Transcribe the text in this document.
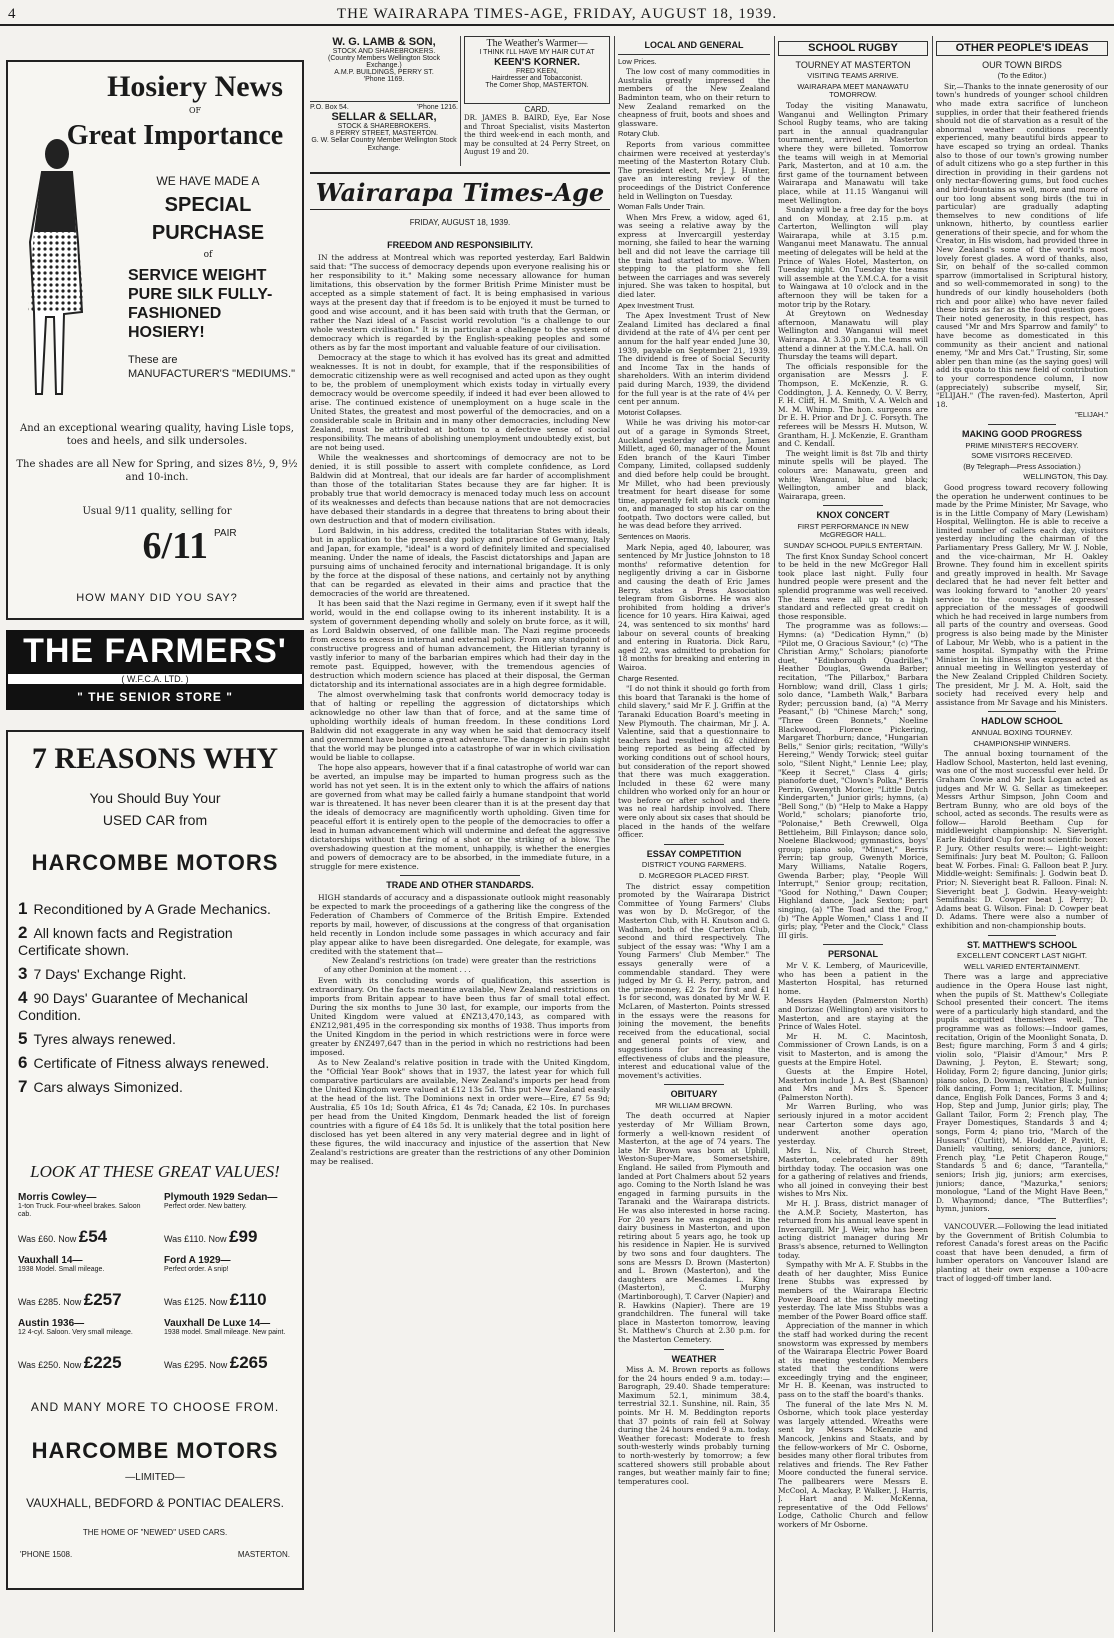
4	THE WAIRARAPA TIMES-AGE, FRIDAY, AUGUST 18, 1939.
Hosiery News
OF
Great Importance
WE HAVE MADE A
SPECIAL
PURCHASE
of
SERVICE WEIGHT PURE SILK FULLY-FASHIONED HOSIERY!
These are
MANUFACTURER'S "MEDIUMS."
And an exceptional wearing quality, having Lisle tops, toes and heels, and silk undersoles.
The shades are all New for Spring, and sizes 8½, 9, 9½ and 10-inch.
Usual 9/11 quality, selling for
6/11 PAIR
HOW MANY DID YOU SAY?
THE FARMERS'
( W.F.C.A. LTD. )
" THE SENIOR STORE "
7 REASONS WHY
You Should Buy Your
USED CAR from
HARCOMBE MOTORS
1 Reconditioned by A Grade Mechanics.
2 All known facts and Registration Certificate shown.
3 7 Days' Exchange Right.
4 90 Days' Guarantee of Mechanical Condition.
5 Tyres always renewed.
6 Certificate of Fitness always renewed.
7 Cars always Simonized.
LOOK AT THESE GREAT VALUES!
Morris Cowley—
1-ton Truck. Four-wheel brakes. Saloon cab.
Was £60. Now £54
Plymouth 1929 Sedan—
Perfect order. New battery.
Was £110. Now £99
Vauxhall 14—
1938 Model. Small mileage.
Was £285. Now £257
Ford A 1929—
Perfect order. A snip!
Was £125. Now £110
Austin 1936—
12 4-cyl. Saloon. Very small mileage.
Was £250. Now £225
Vauxhall De Luxe 14—
1938 model. Small mileage. New paint.
Was £295. Now £265
AND MANY MORE TO CHOOSE FROM.
HARCOMBE MOTORS
—LIMITED—
VAUXHALL, BEDFORD & PONTIAC DEALERS.
THE HOME OF "NEWED" USED CARS.
'PHONE 1508.	MASTERTON.
W. G. LAMB & SON,
STOCK AND SHAREBROKERS.
(Country Members Wellington Stock Exchange.)
A.M.P. BUILDINGS, PERRY ST.
'Phone 1169.
P.O. Box 54.	'Phone 1216.
SELLAR & SELLAR,
STOCK & SHAREBROKERS.
8 PERRY STREET, MASTERTON.
G. W. Sellar Country Member Wellington Stock Exchange.
The Weather's Warmer—
I THINK I'LL HAVE MY HAIR CUT AT
KEEN'S KORNER.
FRED KEEN,
Hairdresser and Tobacconist.
The Corner Shop, MASTERTON.
CARD.
DR. JAMES B. BAIRD, Eye, Ear Nose and Throat Specialist, visits Masterton the third week-end in each month, and may be consulted at 24 Perry Street, on August 19 and 20.
Wairarapa Times-Age
FRIDAY, AUGUST 18, 1939.
FREEDOM AND RESPONSIBILITY.

IN the address at Montreal which was reported yesterday, Earl Baldwin said that: "The success of democracy depends upon everyone realising his or her responsibility to it." Making some necessary allowance for human limitations, this observation by the former British Prime Minister must be accepted as a simple statement of fact. It is being emphasised in various ways at the present day that if freedom is to be enjoyed it must be turned to good and wise account, and it has been said with truth that the German, or rather the Nazi ideal of a Fascist world revolution "is a challenge to our whole western civilisation." It is in particular a challenge to the system of democracy which is regarded by the English-speaking peoples and some others as by far the most important and valuable feature of our civilisation.

Democracy at the stage to which it has evolved has its great and admitted weaknesses. It is not in doubt, for example, that if the responsibilities of democratic citizenship were as well recognised and acted upon as they ought to be, the problem of unemployment which exists today in virtually every democracy would be overcome speedily, if indeed it had ever been allowed to arise. The continued existence of unemployment on a huge scale in the United States, the greatest and most powerful of the democracies, and on a considerable scale in Britain and in many other democracies, including New Zealand, must be attributed at bottom to a defective sense of social responsibility. The means of abolishing unemployment undoubtedly exist, but are not being used.

While the weaknesses and shortcomings of democracy are not to be denied, it is still possible to assert with complete confidence, as Lord Baldwin did at Montreal, that our ideals are far harder of accomplishment than those of the totalitarian States because they are far higher. It is probably true that world democracy is menaced today much less on account of its weaknesses and defects than because nations that are not democracies have debased their standards in a degree that threatens to bring about their own destruction and that of modern civilisation.

Lord Baldwin, in his address, credited the totalitarian States with ideals, but in application to the present day policy and practice of Germany, Italy and Japan, for example, "ideal" is a word of definitely limited and specialised meaning. Under the name of ideals, the Fascist dictatorships and Japan are pursuing aims of unchained ferocity and international brigandage. It is only by the force at the disposal of these nations, and certainly not by anything that can be regarded as elevated in their aims and practice that the democracies of the world are threatened.

It has been said that the Nazi regime in Germany, even if it swept half the world, would in the end collapse owing to its inherent instability. It is a system of government depending wholly and solely on brute force, as it will, as Lord Baldwin observed, of one fallible man. The Nazi regime proceeds from excess to excess in internal and external policy. From any standpoint of constructive progress and of human advancement, the Hitlerian tyranny is vastly inferior to many of the barbarian empires which had their day in the remote past. Equipped, however, with the tremendous agencies of destruction which modern science has placed at their disposal, the German dictatorship and its international associates are in a high degree formidable.

The almost overwhelming task that confronts world democracy today is that of halting or repelling the aggression of dictatorships which acknowledge no other law than that of force, and at the same time of upholding worthily ideals of human freedom. In these conditions Lord Baldwin did not exaggerate in any way when he said that democracy itself and government have become a great adventure. The danger is in plain sight that the world may be plunged into a catastrophe of war in which civilisation would be liable to collapse.

The hope also appears, however that if a final catastrophe of world war can be averted, an impulse may be imparted to human progress such as the world has not yet seen. It is in the extent only to which the affairs of nations are governed from what may be called fairly a humane standpoint that world war is threatened. It has never been clearer than it is at the present day that the ideals of democracy are magnificently worth upholding. Given time for peaceful effort it is entirely open to the people of the democracies to offer a lead in human advancement which will undermine and defeat the aggressive dictatorships without the firing of a shot or the striking of a blow. The overshadowing question at the moment, unhappily, is whether the energies and powers of democracy are to be absorbed, in the immediate future, in a struggle for mere existence.

TRADE AND OTHER STANDARDS.

HIGH standards of accuracy and a dispassionate outlook might reasonably be expected to mark the proceedings of a gathering like the congress of the Federation of Chambers of Commerce of the British Empire. Extended reports by mail, however, of discussions at the congress of that organisation held recently in London include some passages in which accuracy and fair play appear alike to have been disregarded. One delegate, for example, was credited with the statement that—

New Zealand's restrictions (on trade) were greater than the restrictions of any other Dominion at the moment . . .

Even with its concluding words of qualification, this assertion is extraordinary. On the facts meantime available, New Zealand restrictions on imports from Britain appear to have been thus far of small total effect. During the six months to June 30 last, for example, our imports from the United Kingdom were valued at £NZ13,470,143, as compared with £NZ12,981,495 in the corresponding six months of 1938. Thus imports from the United Kingdom in the period in which restrictions were in force were greater by £NZ497,647 than in the period in which no restrictions had been imposed.

As to New Zealand's relative position in trade with the United Kingdom, the "Official Year Book" shows that in 1937, the latest year for which full comparative particulars are available, New Zealand's imports per head from the United Kingdom were valued at £12 13s 5d. This put New Zealand easily at the head of the list. The Dominions next in order were—Eire, £7 5s 9d; Australia, £5 10s 1d; South Africa, £1 4s 7d; Canada, £2 10s. In purchases per head from the United Kingdom, Denmark headed the list of foreign countries with a figure of £4 18s 5d. It is unlikely that the total position here disclosed has yet been altered in any very material degree and in light of these figures, the wild inaccuracy and injustice of the assertion that New Zealand's restrictions are greater than the restrictions of any other Dominion may be realised.

LOCAL AND GENERAL
Low Prices.

The low cost of many commodities in Australia greatly impressed the members of the New Zealand Badminton team, who on their return to New Zealand remarked on the cheapness of fruit, boots and shoes and glassware.

Rotary Club.

Reports from various committee chairmen were received at yesterday's meeting of the Masterton Rotary Club. The president elect, Mr J. J. Hunter, gave an interesting review of the proceedings of the District Conference held in Wellington on Tuesday.

Woman Falls Under Train.

When Mrs Frew, a widow, aged 61, was seeing a relative away by the express at Invercargill yesterday morning, she failed to hear the warning bell and did not leave the carriage till the train had started to move. When stepping to the platform she fell between the carriages and was severely injured. She was taken to hospital, but died later.

Apex Investment Trust.

The Apex Investment Trust of New Zealand Limited has declared a final dividend at the rate of 4¼ per cent per annum for the half year ended June 30, 1939, payable on September 21, 1939. The dividend is free of Social Security and Income Tax in the hands of shareholders. With an interim dividend paid during March, 1939, the dividend for the full year is at the rate of 4¼ per cent per annum.

Motorist Collapses.

While he was driving his motor-car out of a garage in Symonds Street, Auckland yesterday afternoon, James Millett, aged 60, manager of the Mount Eden branch of the Kauri Timber Company, Limited, collapsed suddenly and died before help could be brought. Mr Millet, who had been previously treatment for heart disease for some time, apparently felt an attack coming on, and managed to stop his car on the footpath. Two doctors were called, but he was dead before they arrived.

Sentences on Maoris.

Mark Nepia, aged 40, labourer, was sentenced by Mr Justice Johnston to 18 months' reformative detention for negligently driving a car in Gisborne and causing the death of Eric James Berry, states a Press Association telegram from Gisborne. He was also prohibited from holding a driver's licence for 10 years. Hira Kaiwai, aged 24, was sentenced to six months' hard labour on several counts of breaking and entering in Ruatoria. Dick Raru, aged 22, was admitted to probation for 18 months for breaking and entering in Wairoa.

Charge Resented.

"I do not think it should go forth from this board that Taranaki is the home of child slavery," said Mr F. J. Griffin at the Taranaki Education Board's meeting in New Plymouth. The chairman, Mr J. A. Valentine, said that a questionnaire to teachers had resulted in 62 children being reported as being affected by working conditions out of school hours, but consideration of the report showed that there was much exaggeration. Included in these 62 were many children who worked only for an hour or two before or after school and there was no real hardship involved. There were only about six cases that should be placed in the hands of the welfare officer.

ESSAY COMPETITION
DISTRICT YOUNG FARMERS.
D. McGREGOR PLACED FIRST.

The district essay competition promoted by the Wairarapa District Committee of Young Farmers' Clubs was won by D. McGregor, of the Masterton Club, with H. Knutson and G. Wadham, both of the Carterton Club, second and third respectively. The subject of the essay was: "Why I am a Young Farmers' Club Member." The essays generally were of a commendable standard. They were judged by Mr G. H. Perry, patron, and the prize-money, £2 2s for first and £1 1s for second, was donated by Mr W. F. McLaren, of Masterton. Points stressed in the essays were the reasons for joining the movement, the benefits received from the educational, social and general points of view, and suggestions for increasing the effectiveness of clubs and the pleasure, interest and educational value of the movement's activities.

OBITUARY
MR WILLIAM BROWN.

The death occurred at Napier yesterday of Mr William Brown, formerly a well-known resident of Masterton, at the age of 74 years. The late Mr Brown was born at Uphill, Weston-Super-Mare, Somersetshire, England. He sailed from Plymouth and landed at Port Chalmers about 52 years ago. Coming to the North Island he was engaged in farming pursuits in the Taranaki and the Wairarapa districts. He was also interested in horse racing. For 20 years he was engaged in the dairy business in Masterton, and upon retiring about 5 years ago, he took up his residence in Napier. He is survived by two sons and four daughters. The sons are Messrs D. Brown (Masterton) and L. Brown (Masterton), and the daughters are Mesdames L. King (Masterton), C. Murphy (Martinborough), T. Carver (Napier) and R. Hawkins (Napier). There are 19 grandchildren. The funeral will take place in Masterton tomorrow, leaving St. Matthew's Church at 2.30 p.m. for the Masterton Cemetery.

WEATHER

Miss A. M. Brown reports as follows for the 24 hours ended 9 a.m. today:— Barograph, 29.40. Shade temperature: Maximum 52.1, minimum 38.4, terrestrial 32.1. Sunshine, nil. Rain, 35 points. Mr H. M. Beddington reports that 37 points of rain fell at Solway during the 24 hours ended 9 a.m. today. Weather forecast: Moderate to fresh south-westerly winds probably turning to north-westerly by tomorrow; a few scattered showers still probable about ranges, but weather mainly fair to fine; temperatures cool.

SCHOOL RUGBY
TOURNEY AT MASTERTON
VISITING TEAMS ARRIVE.
WAIRARAPA MEET MANAWATU TOMORROW.

Today the visiting Manawatu, Wanganui and Wellington Primary School Rugby teams, who are taking part in the annual quadrangular tournament, arrived in Masterton where they were billeted. Tomorrow the teams will weigh in at Memorial Park, Masterton, and at 10 a.m. the first game of the tournament between Wairarapa and Manawatu will take place, while at 11.15 Wanganui will meet Wellington.

Sunday will be a free day for the boys and on Monday, at 2.15 p.m. at Carterton, Wellington will play Wairarapa, while at 3.15 p.m. Wanganui meet Manawatu. The annual meeting of delegates will be held at the Prince of Wales Hotel, Masterton, on Tuesday night. On Tuesday the teams will assemble at the Y.M.C.A. for a visit to Waingawa at 10 o'clock and in the afternoon they will be taken for a motor trip by the Rotary.

At Greytown on Wednesday afternoon, Manawatu will play Wellington and Wanganui will meet Wairarapa. At 3.30 p.m. the teams will attend a dinner at the Y.M.C.A. hall. On Thursday the teams will depart.

The officials responsible for the organisation are Messrs J. F. Thompson, E. McKenzie, R. G. Coddington, J. A. Kennedy, O. V. Berry, F. H. Cliff, H. M. Smith, V. A. Welch and M. M. Whimp. The hon. surgeons are Dr E. H. Prior and Dr J. C. Forsyth. The referees will be Messrs H. Mutson, W. Grantham, H. J. McKenzie, E. Grantham and C. Kendall.

The weight limit is 8st 7lb and thirty minute spells will be played. The colours are: Manawatu, green and white; Wanganui, blue and black; Wellington, amber and black, Wairarapa, green.

KNOX CONCERT
FIRST PERFORMANCE IN NEW McGREGOR HALL.
SUNDAY SCHOOL PUPILS ENTERTAIN.

The first Knox Sunday School concert to be held in the new McGregor Hall took place last night. Fully four hundred people were present and the splendid programme was well received. The items were all up to a high standard and reflected great credit on those responsible.

The programme was as follows:—Hymns: (a) "Dedication Hymn," (b) "Pilot me, O Gracious Saviour," (c) "The Christian Army," Scholars; pianoforte duet, "Edinborough Quadrilles," Heather Douglas, Gwenda Barber; recitation, "The Pillarbox," Barbara Hornblow; wand drill, Class 1 girls; solo dance, "Lambeth Walk," Barbara Ryder; percussion band, (a) "A Merry Peasant," (b) "Chinese March;" song, "Three Green Bonnets," Noeline Blackwood, Florence Pickering, Margaret Thorburn; dance, "Hungarian Bells," Senior girls; recitation, "Willy's Hereing," Wendy Torwick; steel guitar solo, "Silent Night," Lennie Lee; play, "Keep it Secret," Class 4 girls; pianoforte duet, "Clown's Polka," Berris Perrin, Gwenyth Morice; "Little Dutch Kindergarten," Junior girls; hymns, (a) "Bell Song," (b) "Help to Make a Happy World," scholars; pianoforte trio, "Polonaise," Beth Crewwell, Olga Bettleheim, Bill Finlayson; dance solo, Noelene Blackwood; gymnastics, boys' group; piano solo, "Minuet," Berris Perrin; tap group, Gwenyth Morice, Mary Williams, Natalie Rogers, Gwenda Barber; play, "People Will Interrupt," Senior group; recitation, "Good for Nothing," Dawn Couper; Highland dance, Jack Sexton; part singing, (a) "The Toad and the Frog," (b) "The Apple Women," Class 1 and II girls; play, "Peter and the Clock," Class III girls.

PERSONAL

Mr V. K. Lemberg, of Mauriceville, who has been a patient in the Masterton Hospital, has returned home.

Messrs Hayden (Palmerston North) and Dorizac (Wellington) are visitors to Masterton, and are staying at the Prince of Wales Hotel.

Mr H. M. C. Macintosh, Commissioner of Crown Lands, is on a visit to Masterton, and is among the guests at the Empire Hotel.

Guests at the Empire Hotel, Masterton include J. A. Best (Shannon) and Mrs and Mrs S. Spencer (Palmerston North).

Mr Warren Burling, who was seriously injured in a motor accident near Carterton some days ago, underwent another operation yesterday.

Mrs L. Nix, of Church Street, Masterton, celebrated her 89th birthday today. The occasion was one for a gathering of relatives and friends, who all joined in conveying their best wishes to Mrs Nix.

Mr H. J. Brass, district manager of the A.M.P. Society, Masterton, has returned from his annual leave spent in Invercargill. Mr J. Weir, who has been acting district manager during Mr Brass's absence, returned to Wellington today.

Sympathy with Mr A. F. Stubbs in the death of her daughter, Miss Eunice Irene Stubbs was expressed by members of the Wairarapa Electric Power Board at the monthly meeting yesterday. The late Miss Stubbs was a member of the Power Board office staff.

Appreciation of the manner in which the staff had worked during the recent snowstorm was expressed by members of the Wairarapa Electric Power Board at its meeting yesterday. Members stated that the conditions were exceedingly trying and the engineer, Mr H. B. Keenan, was instructed to pass on to the staff the board's thanks.

The funeral of the late Mrs N. M. Osborne, which took place yesterday was largely attended. Wreaths were sent by Messrs McKenzie and Mancock, Jenkins and Staats, and by the fellow-workers of Mr C. Osborne, besides many other floral tributes from relatives and friends. The Rev Father Moore conducted the funeral service. The pallbearers were Messrs E. McCool, A. Mackay, P. Walker, J. Harris, J. Hart and M. McKenna, representative of the Odd Fellows' Lodge, Catholic Church and fellow workers of Mr Osborne.

OTHER PEOPLE'S IDEAS
OUR TOWN BIRDS
(To the Editor.)

Sir,—Thanks to the innate generosity of our town's hundreds of younger school children who made extra sacrifice of luncheon supplies, in order that their feathered friends should not die of starvation as a result of the abnormal weather conditions recently experienced, many beautiful birds appear to have escaped so trying an ordeal. Thanks also to those of our town's growing number of adult citizens who go a step further in this direction in providing in their gardens not only nectar-flowering gums, but food cuches and bird-fountains as well, more and more of our too long absent song birds (the tui in particular) are gradually adapting themselves to new conditions of life unknown, hitherto, by countless earlier generations of their specie, and for whom the Creator, in His wisdom, had provided three in New Zealand's some of the world's most lovely forest glades. A word of thanks, also, Sir, on behalf of the so-called common sparrow (immortalised in Scriptural history, and so well-commemorated in song) to the hundreds of our kindly householders (both rich and poor alike) who have never failed these birds as far as the food question goes. Their noted generosity, in this respect, has caused "Mr and Mrs Sparrow and family" to have become as domesticated in this community as their ancient and national enemy, "Mr and Mrs Cat." Trusting, Sir, some abler pen than mine (as the saying goes) will add its quota to this new field of contribution to your correspondence column, I now (appreciately) subscribe myself, Sir, "ELIJAH." (The raven-fed). Masterton, April 18.

"ELIJAH."
MAKING GOOD PROGRESS
PRIME MINISTER'S RECOVERY.
SOME VISITORS RECEIVED.
(By Telegraph—Press Association.)
WELLINGTON, This Day.

Good progress toward recovery following the operation he underwent continues to be made by the Prime Minister, Mr Savage, who is in the Little Company of Mary (Lewisham) Hospital, Wellington. He is able to receive a limited number of callers each day, visitors yesterday including the chairman of the Parliamentary Press Gallery, Mr W. J. Noble, and the vice-chairman, Mr H. Oakley Browne. They found him in excellent spirits and greatly improved in health. Mr Savage declared that he had never felt better and was looking forward to "another 20 years' service to the country." He expressed appreciation of the messages of goodwill which he had received in large numbers from all parts of the country and overseas. Good progress is also being made by the Minister of Labour, Mr Webb, who is a patient in the same hospital. Sympathy with the Prime Minister in his illness was expressed at the annual meeting in Wellington yesterday of the New Zealand Crippled Children Society. The president, Mr J. M. A. Holt, said the society had received every help and assistance from Mr Savage and his Ministers.

HADLOW SCHOOL
ANNUAL BOXING TOURNEY.
CHAMPIONSHIP WINNERS.

The annual boxing tournament of the Hadlow School, Masterton, held last evening, was one of the most successful ever held. Dr Graham Cowie and Mr Jack Logan acted as judges and Mr W. G. Sellar as timekeeper. Messrs Arthur Simpson, John Coom and Bertram Bunny, who are old boys of the school, acted as seconds. The results were as follow— Harold Beetham Cup for middleweight championship: N. Sieveright. Earle Riddiford Cup for most scientific boxer: P. Jury. Other results were:— Light-weight: Semifinals: Jury beat M. Poulton; G. Falloon beat W. Forbes. Final: G. Falloon beat P. Jury. Middle-weight: Semifinals: J. Godwin beat D. Prior; N. Sieveright beat R. Falloon. Final: N. Sieveright beat J. Godwin. Heavy-weight: Semifinals: D. Cowper beat J. Perry; D. Adams beat G. Wilson. Final: D. Cowper beat D. Adams. There were also a number of exhibition and non-championship bouts.

ST. MATTHEW'S SCHOOL
EXCELLENT CONCERT LAST NIGHT.
WELL VARIED ENTERTAINMENT.

There was a large and appreciative audience in the Opera House last night, when the pupils of St. Matthew's Collegiate School presented their concert. The items were of a particularly high standard, and the pupils acquitted themselves well. The programme was as follows:—Indoor games, recitation, Origin of the Moonlight Sonata, D. Best; figure marching, Form 3 and 4 girls; violin solo, "Plaisir d'Amour," Mrs P. Dawning, J. Peyton, E. Stewart; song, Holiday, Form 2; figure dancing, Junior girls; piano solos, D. Dowman, Walter Black; Junior folk dancing, Form 1; recitation, T. Mullins; dance, English Folk Dances, Forms 3 and 4; Hop, Step and Jump, Junior girls; play, The Gallant Tailor, Form 2; French play, The Frayer Domestiques, Standards 3 and 4; songs, Form 4; piano trio, "March of the Hussars" (Curlitt), M. Hodder, P. Pavitt, E. Daniell; vaulting, seniors; dance, juniors; French play, "Le Petit Chaperon Rouge," Standards 5 and 6; dance, "Tarantella," seniors; Irish jig, juniors; arm exercises, juniors; dance, "Mazurka," seniors; monologue, "Land of the Might Have Been," D. Whaymond; dance, "The Butterflies"; hymn, juniors.

VANCOUVER.—Following the lead initiated by the Government of British Columbia to reforest Canada's forest areas on the Pacific coast that have been denuded, a firm of lumber operators on Vancouver Island are planting at their own expense a 100-acre tract of logged-off timber land.
